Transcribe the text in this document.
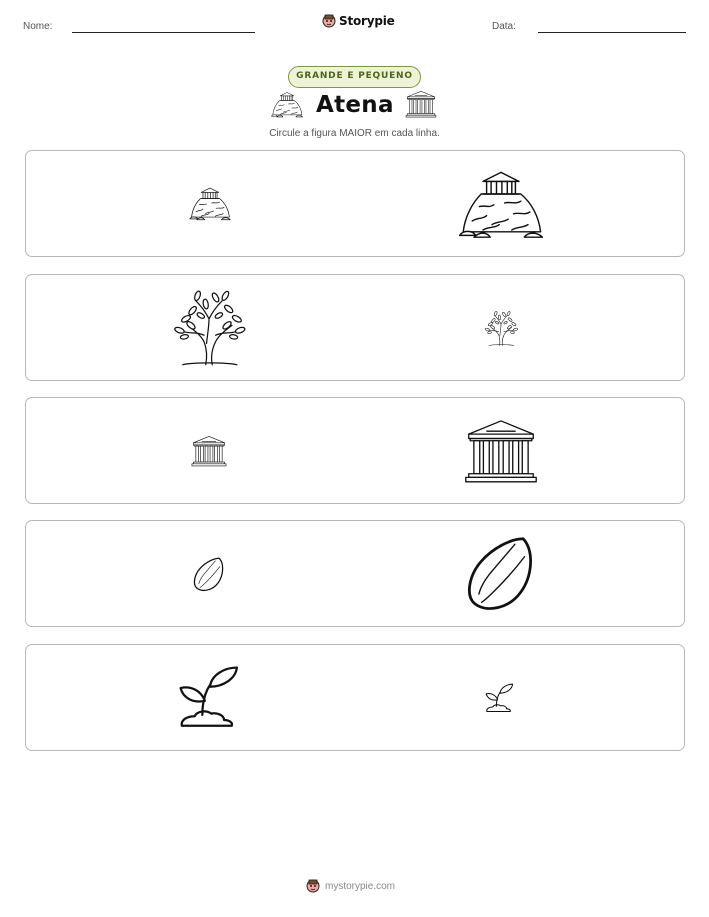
Nome:	Storypie	Data:
GRANDE E PEQUENO
Atena
Circule a figura MAIOR em cada linha.
mystorypie.com
